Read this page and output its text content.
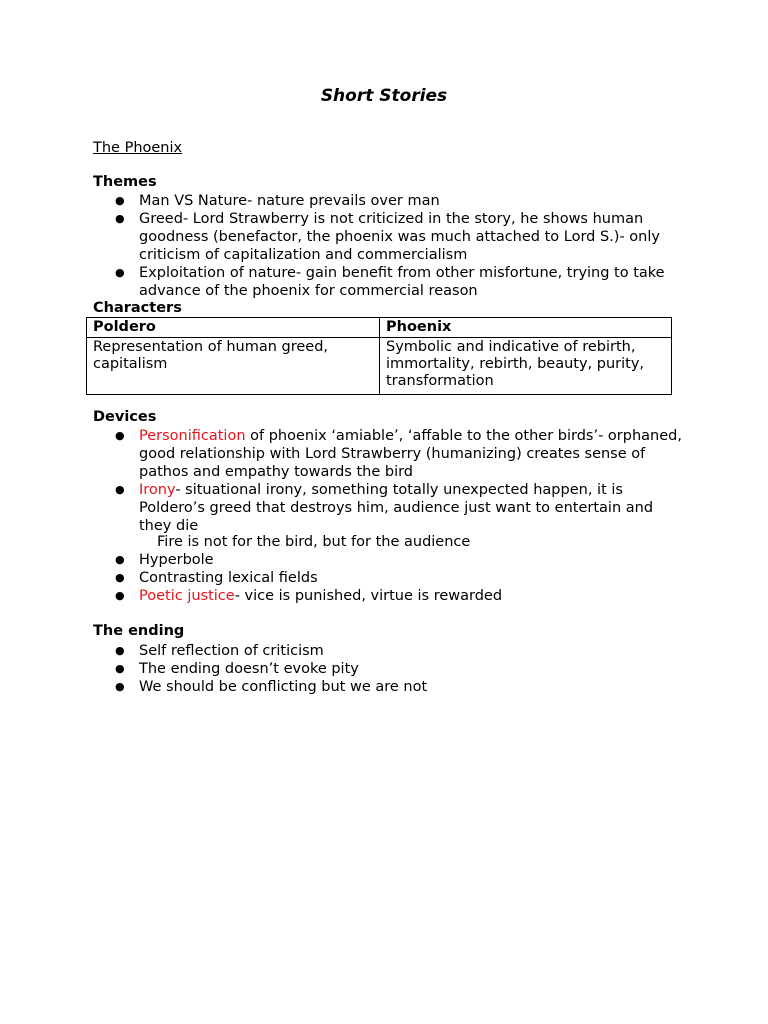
Short Stories
The Phoenix
Themes
● Man VS Nature- nature prevails over man
● Greed- Lord Strawberry is not criticized in the story, he shows human goodness (benefactor, the phoenix was much attached to Lord S.)- only criticism of capitalization and commercialism
● Exploitation of nature- gain benefit from other misfortune, trying to take advance of the phoenix for commercial reason
Characters
Poldero	Phoenix
Representation of human greed, capitalism	Symbolic and indicative of rebirth, immortality, rebirth, beauty, purity, transformation
Devices
● Personification of phoenix ‘amiable’, ‘affable to the other birds’- orphaned, good relationship with Lord Strawberry (humanizing) creates sense of pathos and empathy towards the bird
● Irony- situational irony, something totally unexpected happen, it is Poldero’s greed that destroys him, audience just want to entertain and they die
Fire is not for the bird, but for the audience
● Hyperbole
● Contrasting lexical fields
● Poetic justice- vice is punished, virtue is rewarded
The ending
● Self reflection of criticism
● The ending doesn’t evoke pity
● We should be conflicting but we are not
